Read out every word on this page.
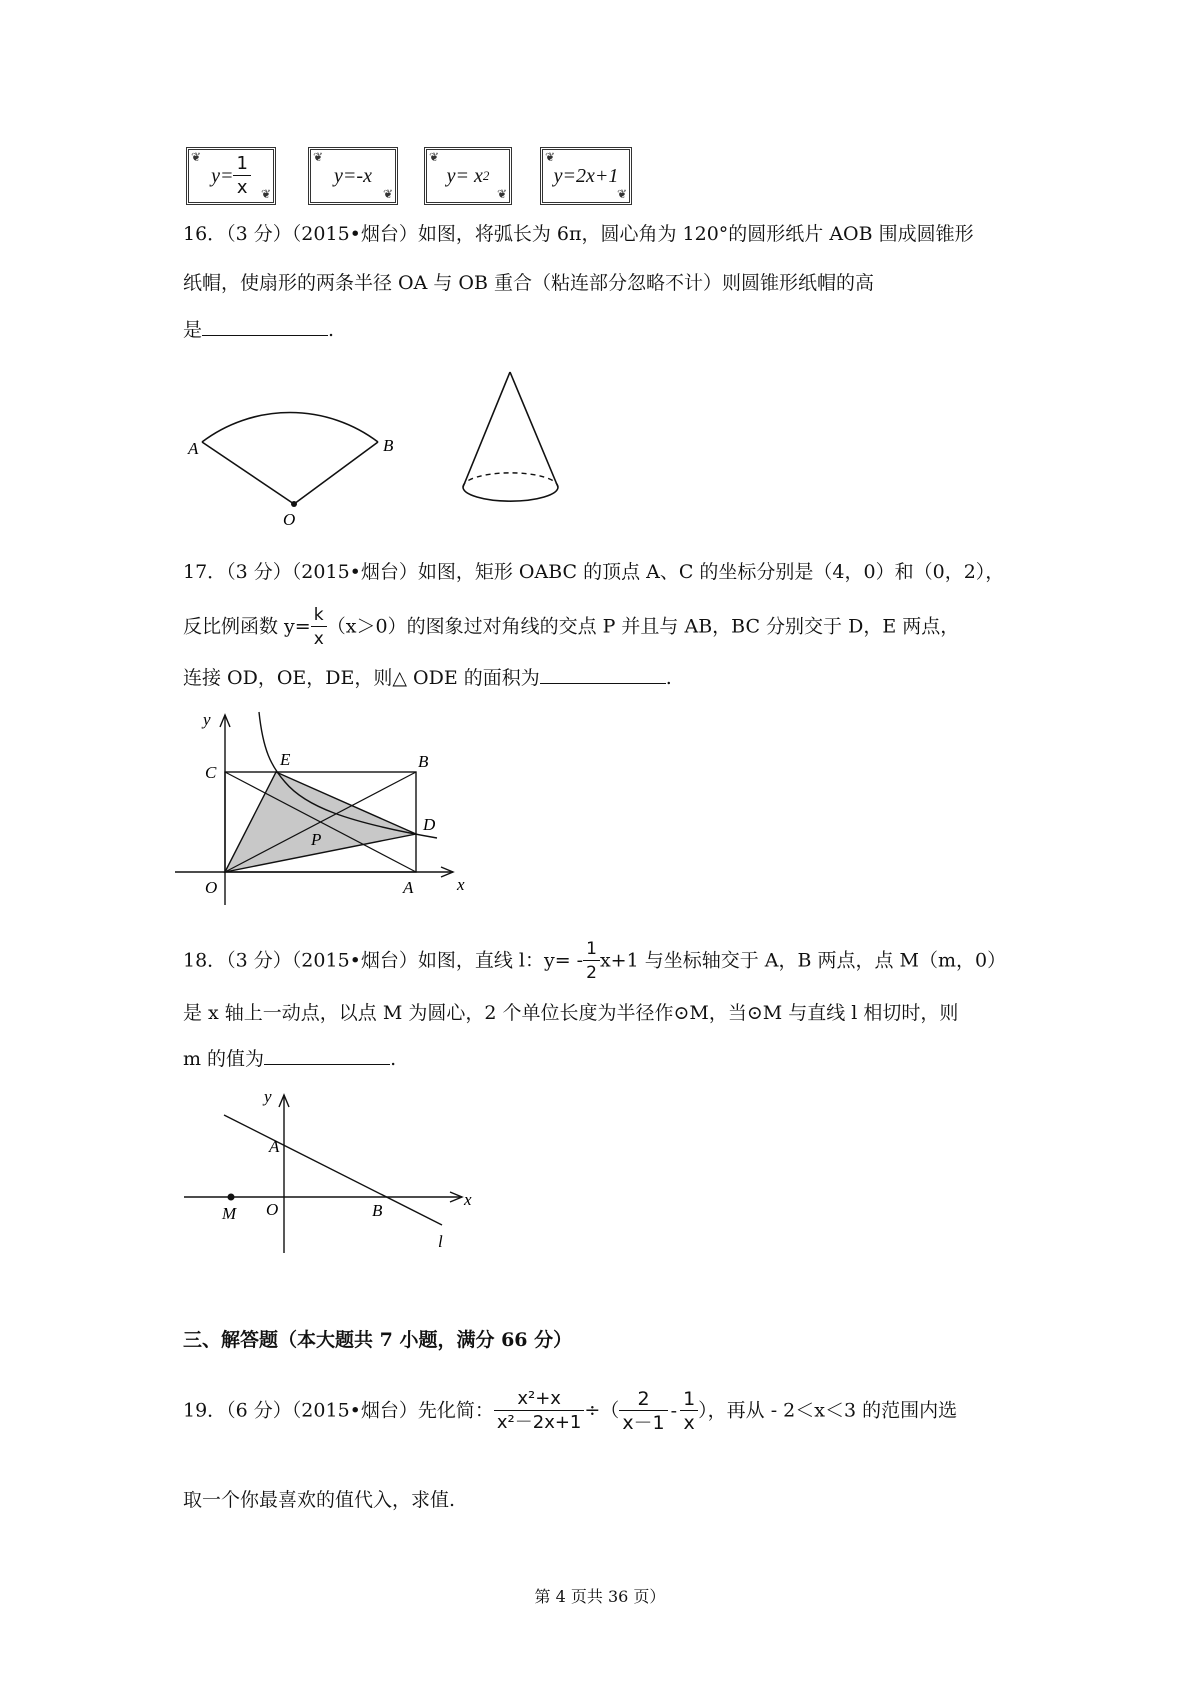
❦
❦
$y= \frac{1}{x}$	❦
❦
y=-x
❦
❦
y= x 2
❦
❦
y=2x+1
16．（3 分）（2015•烟台）如图，将弧长为 6π，圆心角为 120°的圆形纸片 AOB 围成圆锥形
纸帽，使扇形的两条半径 OA 与 OB 重合（粘连部分忽略不计）则圆锥形纸帽的高
是	.
A	B
O
17．（3 分）（2015•烟台）如图，矩形 OABC 的顶点 A、C 的坐标分别是（4，0）和（0，2），
反比例函数 $y= \frac{k}{x} (x>0)$的图象过对角线的交点 P 并且与 AB，BC 分别交于 D，E 两点，
连接 OD，OE，DE，则△ ODE 的面积为	.
y
x
C
E	B
P
D
O	A
18．（3 分）（2015•烟台）如图，直线 l：$y= - \frac{1}{2} x+1$ 与坐标轴交于 A，B 两点，点 M（m，0）
是 x 轴上一动点，以点 M 为圆心，2 个单位长度为半径作⊙M，当⊙M 与直线 l 相切时，则
m 的值为	.
y
x
A
O	B
M
l
三、解答题（本大题共 7 小题，满分 66 分）
19．（6 分）（2015•烟台）先化简： $\frac{\text{x²+x}}{\text{x²－2x+1}}$ ÷（ $\frac{2}{x-1} - \frac{1}{x}$ ），再从 - 2＜x＜3 的范围内选
取一个你最喜欢的值代入，求值.
第 4 页共 36 页）
